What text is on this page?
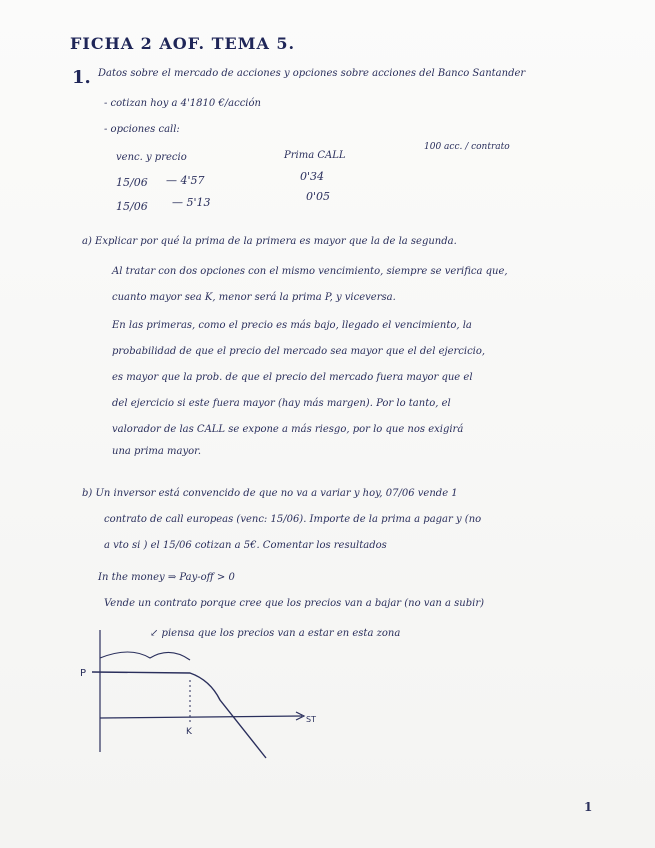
FICHA 2 AOF. TEMA 5.
1. Datos sobre el mercado de acciones y opciones sobre acciones del Banco Santander
- cotizan hoy a 4'1810 €/acción
- opciones call:
venc. y precio	Prima CALL
100 acc. / contrato
15/06 — 4'57	0'34
15/06 — 5'13	0'05
a) Explicar por qué la prima de la primera es mayor que la de la segunda.
Al tratar con dos opciones con el mismo vencimiento, siempre se verifica que,
cuanto mayor sea K, menor será la prima P, y viceversa.
En las primeras, como el precio es más bajo, llegado el vencimiento, la
probabilidad de que el precio del mercado sea mayor que el del ejercicio,
es mayor que la prob. de que el precio del mercado fuera mayor que el
del ejercicio si este fuera mayor (hay más margen). Por lo tanto, el
valorador de las CALL se expone a más riesgo, por lo que nos exigirá
una prima mayor.
b) Un inversor está convencido de que no va a variar y hoy, 07/06 vende 1
contrato de call europeas (venc: 15/06). Importe de la prima a pagar y (no
a vto si ) el 15/06 cotizan a 5€. Comentar los resultados
In the money ⇒ Pay-off > 0
Vende un contrato porque cree que los precios van a bajar (no van a subir)
↙ piensa que los precios van a estar en esta zona
P
K
ST
1
